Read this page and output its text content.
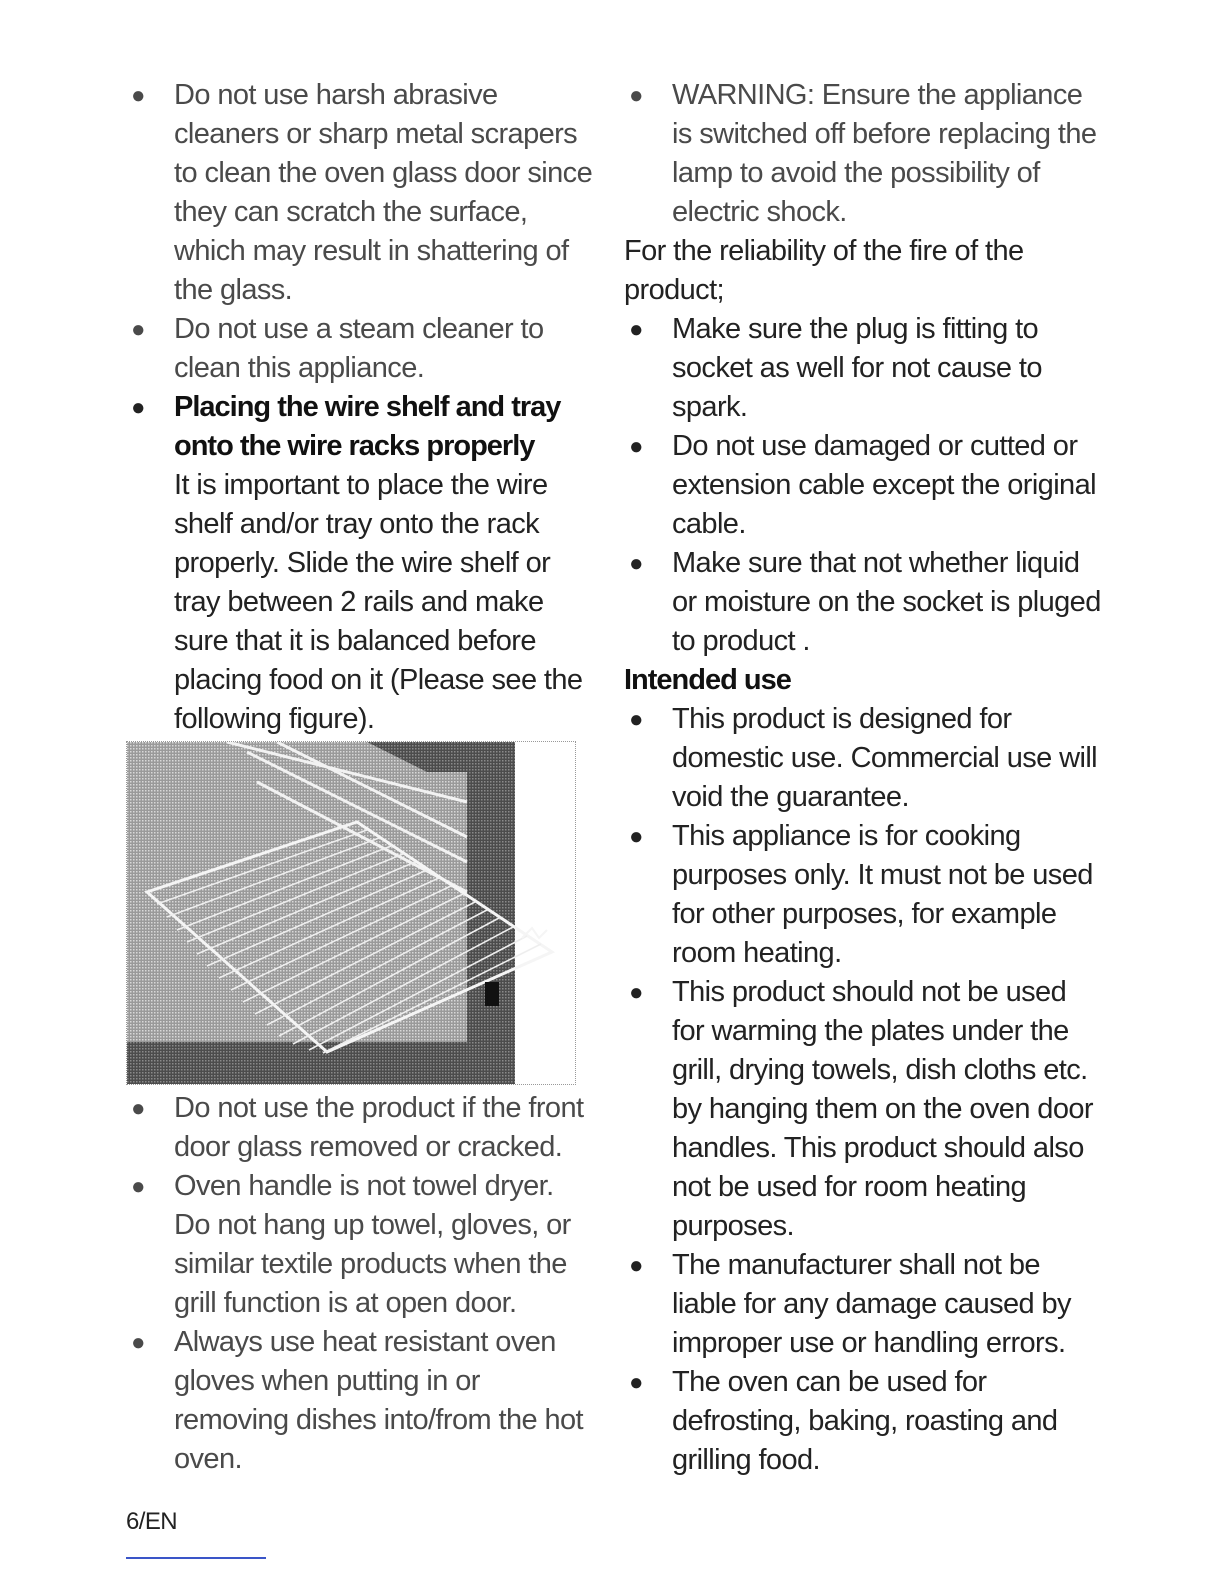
● Do not use harsh abrasive cleaners or sharp metal scrapers to clean the oven glass door since they can scratch the surface, which may result in shattering of the glass.
● Do not use a steam cleaner to clean this appliance.
● Placing the wire shelf and tray onto the wire racks properly
It is important to place the wire shelf and/or tray onto the rack properly. Slide the wire shelf or tray between 2 rails and make sure that it is balanced before placing food on it (Please see the following figure).
● Do not use the product if the front door glass removed or cracked.
● Oven handle is not towel dryer. Do not hang up towel, gloves, or similar textile products when the grill function is at open door.
● Always use heat resistant oven gloves when putting in or removing dishes into/from the hot oven.
● WARNING: Ensure the appliance is switched off before replacing the lamp to avoid the possibility of electric shock.
For the reliability of the fire of the product;
● Make sure the plug is fitting to socket as well for not cause to spark.
● Do not use damaged or cutted or extension cable except the original cable.
● Make sure that not whether liquid or moisture on the socket is pluged to product .
Intended use
● This product is designed for domestic use. Commercial use will void the guarantee.
● This appliance is for cooking purposes only. It must not be used for other purposes, for example room heating.
● This product should not be used for warming the plates under the grill, drying towels, dish cloths etc. by hanging them on the oven door handles. This product should also not be used for room heating purposes.
● The manufacturer shall not be liable for any damage caused by improper use or handling errors.
● The oven can be used for defrosting, baking, roasting and grilling food.
6/EN
